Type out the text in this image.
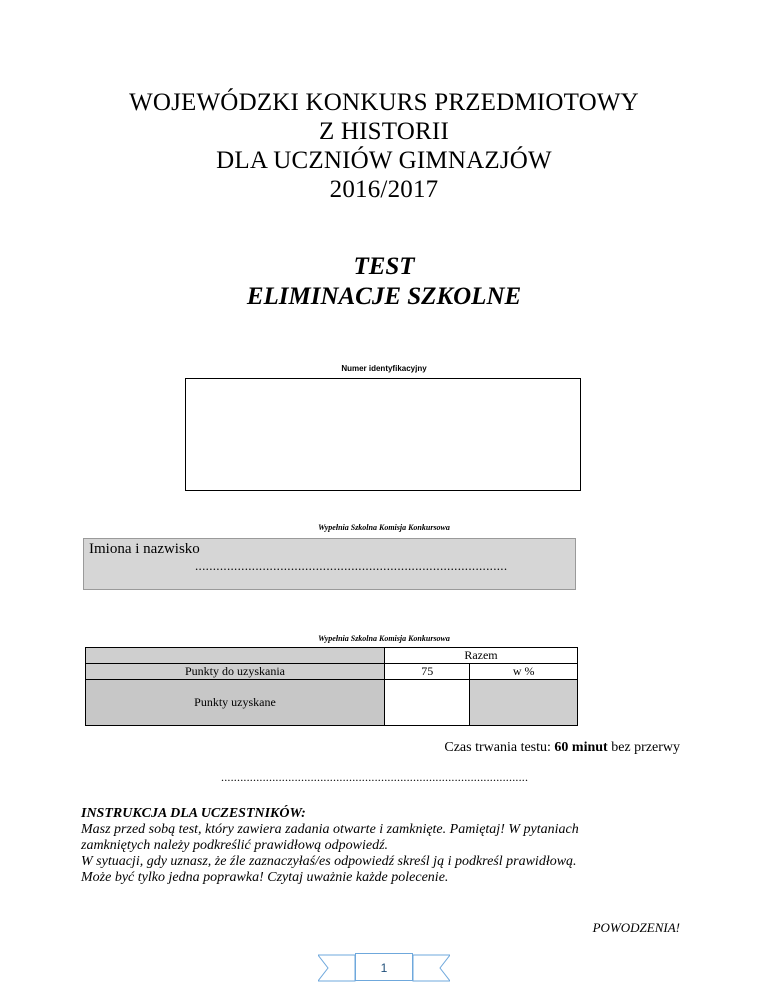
WOJEWÓDZKI KONKURS PRZEDMIOTOWY
Z HISTORII
DLA UCZNIÓW GIMNAZJÓW
2016/2017
TEST
ELIMINACJE SZKOLNE
Numer identyfikacyjny
Wypełnia Szkolna Komisja Konkursowa
Imiona i nazwisko
........................................................................................
Wypełnia Szkolna Komisja Konkursowa
	Razem	
Punkty do uzyskania	75	w %
Punkty uzyskane		
Czas trwania testu: 60 minut bez przerwy
................................................................................................
INSTRUKCJA DLA UCZESTNIKÓW:
Masz przed sobą test, który zawiera zadania otwarte i zamknięte. Pamiętaj! W pytaniach
zamkniętych należy podkreślić prawidłową odpowiedź.
W sytuacji, gdy uznasz, że źle zaznaczyłaś/es odpowiedź skreśl ją i podkreśl prawidłową.
Może być tylko jedna poprawka! Czytaj uważnie każde polecenie.
POWODZENIA!
1
